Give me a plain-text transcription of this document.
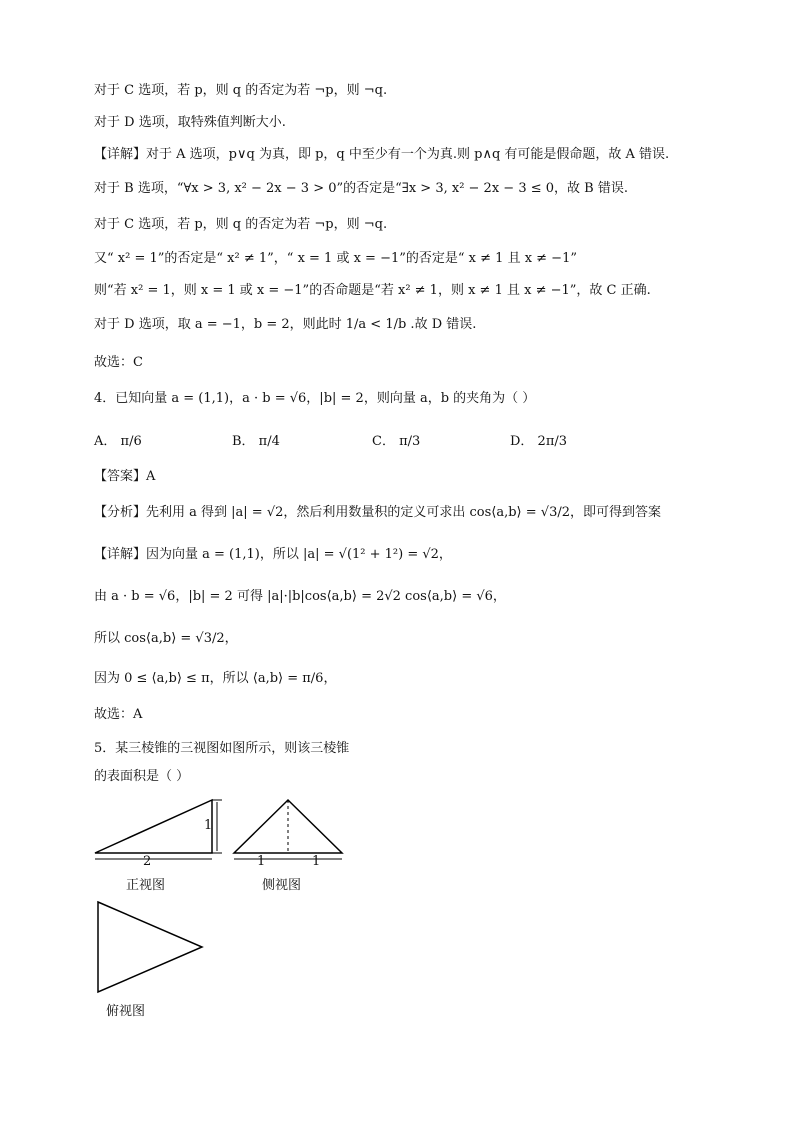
对于 C 选项，若 p，则 q 的否定为若 ¬p，则 ¬q.
对于 D 选项，取特殊值判断大小.
【详解】对于 A 选项，p∨q 为真，即 p，q 中至少有一个为真.则 p∧q 有可能是假命题，故 A 错误.
对于 B 选项，“∀x > 3, x² − 2x − 3 > 0”的否定是“∃x > 3, x² − 2x − 3 ≤ 0，故 B 错误.
对于 C 选项，若 p，则 q 的否定为若 ¬p，则 ¬q.
又“ x² = 1”的否定是“ x² ≠ 1”，“ x = 1 或 x = −1”的否定是“ x ≠ 1 且 x ≠ −1”
则“若 x² = 1，则 x = 1 或 x = −1”的否命题是“若 x² ≠ 1，则 x ≠ 1 且 x ≠ −1”，故 C 正确.
对于 D 选项，取 a = −1，b = 2，则此时 1/a < 1/b .故 D 错误.
故选：C
4．已知向量 a = (1,1)，a · b = √6，|b| = 2，则向量 a，b 的夹角为（ ）
A． π/6	B． π/4	C． π/3	D． 2π/3
【答案】A
【分析】先利用 a 得到 |a| = √2，然后利用数量积的定义可求出 cos⟨a,b⟩ = √3/2，即可得到答案
【详解】因为向量 a = (1,1)，所以 |a| = √(1² + 1²) = √2，
由 a · b = √6，|b| = 2 可得 |a|·|b|cos⟨a,b⟩ = 2√2 cos⟨a,b⟩ = √6，
所以 cos⟨a,b⟩ = √3/2，
因为 0 ≤ ⟨a,b⟩ ≤ π，所以 ⟨a,b⟩ = π/6，
故选：A
5．某三棱锥的三视图如图所示，则该三棱锥
的表面积是（ ）
2
1
正视图
1	1
侧视图
俯视图
